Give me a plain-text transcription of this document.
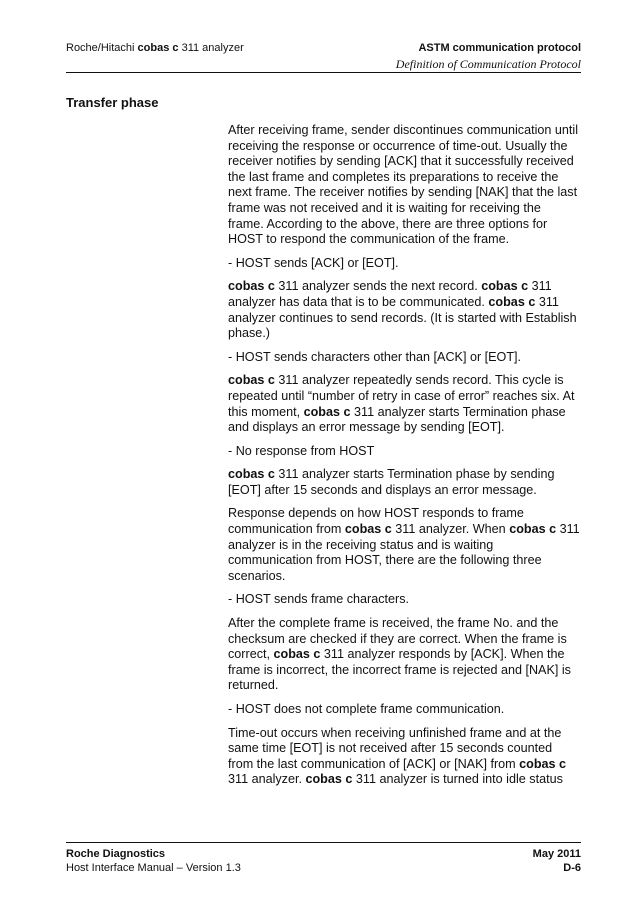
Roche/Hitachi cobas c 311 analyzer	ASTM communication protocol
Definition of Communication Protocol
Transfer phase

After receiving frame, sender discontinues communication until receiving the response or occurrence of time-out. Usually the receiver notifies by sending [ACK] that it successfully received the last frame and completes its preparations to receive the next frame. The receiver notifies by sending [NAK] that the last frame was not received and it is waiting for receiving the frame. According to the above, there are three options for HOST to respond the communication of the frame.

- HOST sends [ACK] or [EOT].

cobas c 311 analyzer sends the next record. cobas c 311 analyzer has data that is to be communicated. cobas c 311 analyzer continues to send records. (It is started with Establish phase.)

- HOST sends characters other than [ACK] or [EOT].

cobas c 311 analyzer repeatedly sends record. This cycle is repeated until “number of retry in case of error” reaches six. At this moment, cobas c 311 analyzer starts Termination phase and displays an error message by sending [EOT].

- No response from HOST

cobas c 311 analyzer starts Termination phase by sending [EOT] after 15 seconds and displays an error message.

Response depends on how HOST responds to frame communication from cobas c 311 analyzer. When cobas c 311 analyzer is in the receiving status and is waiting communication from HOST, there are the following three scenarios.

- HOST sends frame characters.

After the complete frame is received, the frame No. and the checksum are checked if they are correct. When the frame is correct, cobas c 311 analyzer responds by [ACK]. When the frame is incorrect, the incorrect frame is rejected and [NAK] is returned.

- HOST does not complete frame communication.

Time-out occurs when receiving unfinished frame and at the same time [EOT] is not received after 15 seconds counted from the last communication of [ACK] or [NAK] from cobas c 311 analyzer. cobas c 311 analyzer is turned into idle status

Roche Diagnostics
Host Interface Manual – Version 1.3
May 2011
D-6
